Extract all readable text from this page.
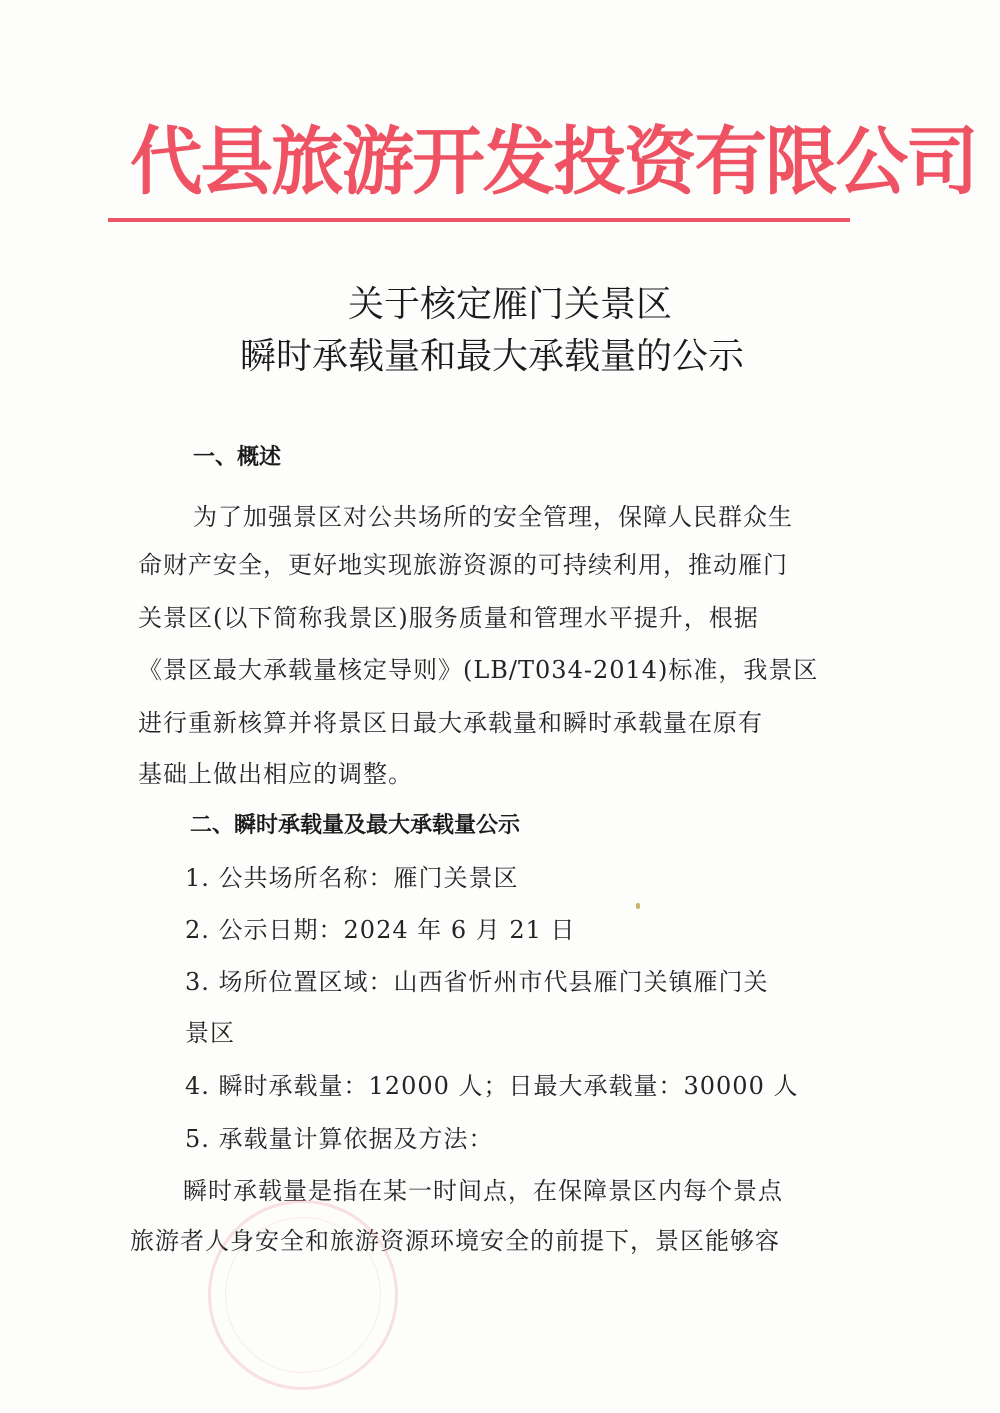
代县旅游开发投资有限公司
关于核定雁门关景区
瞬时承载量和最大承载量的公示
一、概述
为了加强景区对公共场所的安全管理，保障人民群众生
命财产安全，更好地实现旅游资源的可持续利用，推动雁门
关景区(以下简称我景区)服务质量和管理水平提升，根据
《景区最大承载量核定导则》(LB/T034-2014)标准，我景区
进行重新核算并将景区日最大承载量和瞬时承载量在原有
基础上做出相应的调整。
二、瞬时承载量及最大承载量公示
1. 公共场所名称：雁门关景区
2. 公示日期：2024 年 6 月 21 日
3. 场所位置区域：山西省忻州市代县雁门关镇雁门关
景区
4. 瞬时承载量：12000 人；日最大承载量：30000 人
5. 承载量计算依据及方法：
瞬时承载量是指在某一时间点，在保障景区内每个景点
旅游者人身安全和旅游资源环境安全的前提下，景区能够容
